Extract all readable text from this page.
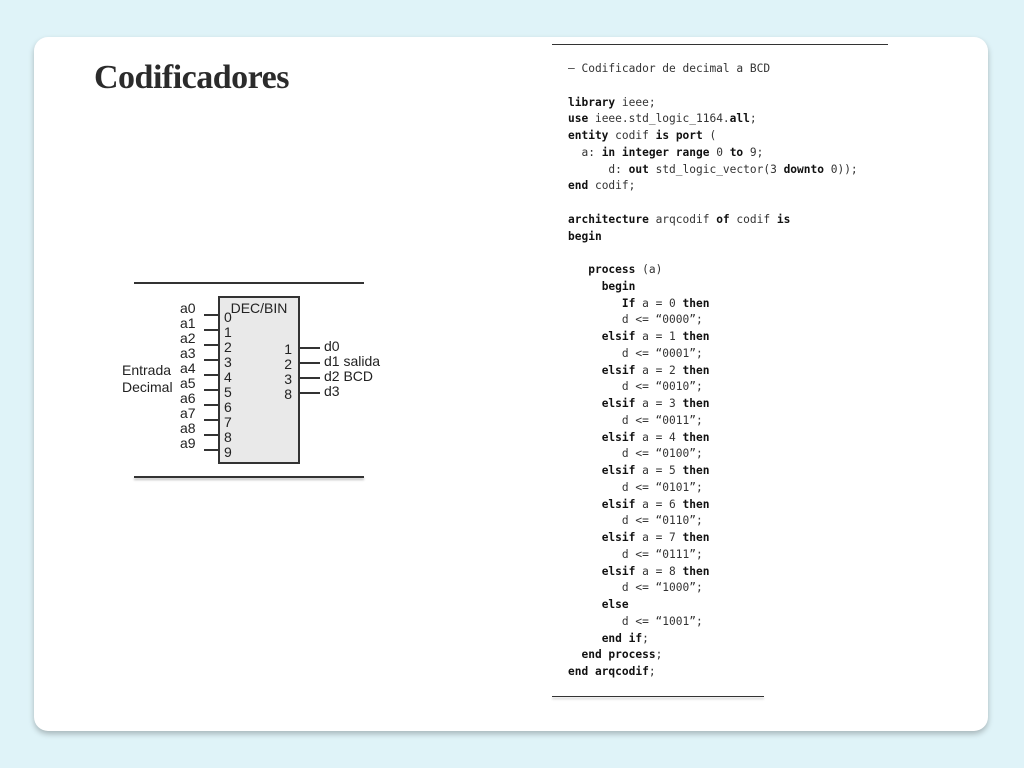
Codificadores
DEC/BIN
0
1
2
3
4
5
6
7
8
9
1
2
3
8
Entrada
Decimal
a0
a1
a2
a3
a4
a5
a6
a7
a8
a9
d0
d1 salida
d2 BCD
d3
– Codificador de decimal a BCD
library ieee;
use ieee.std_logic_1164.all;
entity codif is port (
a: in integer range 0 to 9;
d: out std_logic_vector(3 downto 0));
end codif;
architecture arqcodif of codif is
begin
process (a)
begin
If a = 0 then
d <= “0000”;
elsif a = 1 then
d <= “0001”;
elsif a = 2 then
d <= “0010”;
elsif a = 3 then
d <= “0011”;
elsif a = 4 then
d <= “0100”;
elsif a = 5 then
d <= “0101”;
elsif a = 6 then
d <= “0110”;
elsif a = 7 then
d <= “0111”;
elsif a = 8 then
d <= “1000”;
else
d <= “1001”;
end if;
end process;
end arqcodif;
